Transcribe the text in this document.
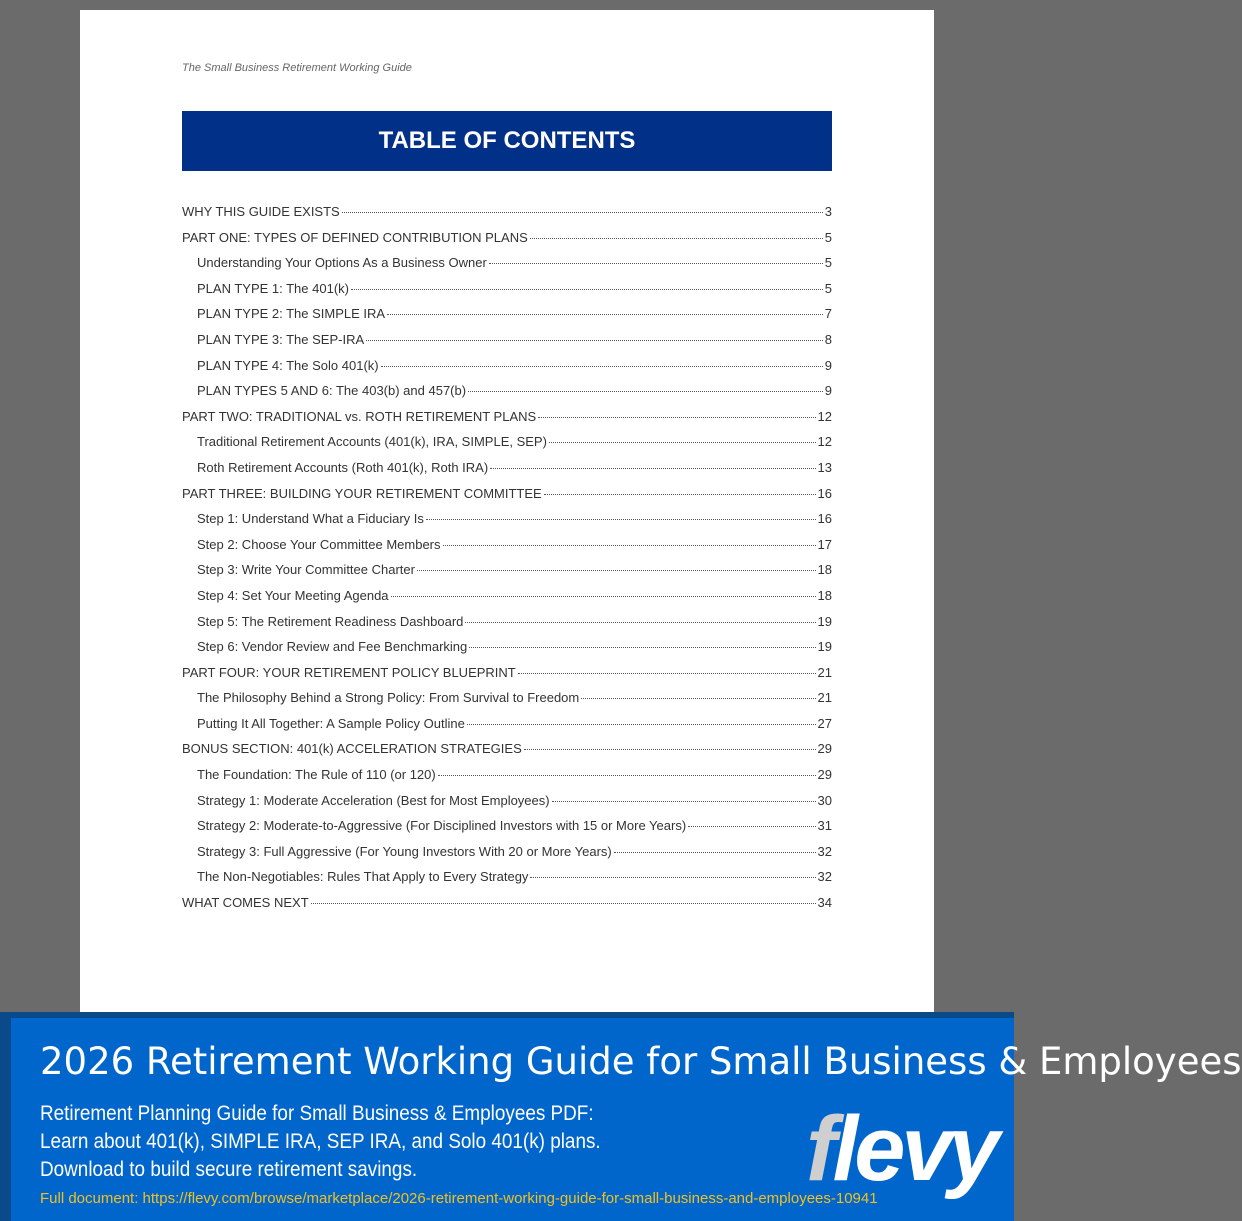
The Small Business Retirement Working Guide
TABLE OF CONTENTS
WHY THIS GUIDE EXISTS	3
PART ONE: TYPES OF DEFINED CONTRIBUTION PLANS	5
Understanding Your Options As a Business Owner	5
PLAN TYPE 1: The 401(k)	5
PLAN TYPE 2: The SIMPLE IRA	7
PLAN TYPE 3: The SEP-IRA	8
PLAN TYPE 4: The Solo 401(k)	9
PLAN TYPES 5 AND 6: The 403(b) and 457(b)	9
PART TWO: TRADITIONAL vs. ROTH RETIREMENT PLANS	12
Traditional Retirement Accounts (401(k), IRA, SIMPLE, SEP)	12
Roth Retirement Accounts (Roth 401(k), Roth IRA)	13
PART THREE: BUILDING YOUR RETIREMENT COMMITTEE	16
Step 1: Understand What a Fiduciary Is	16
Step 2: Choose Your Committee Members	17
Step 3: Write Your Committee Charter	18
Step 4: Set Your Meeting Agenda	18
Step 5: The Retirement Readiness Dashboard	19
Step 6: Vendor Review and Fee Benchmarking	19
PART FOUR: YOUR RETIREMENT POLICY BLUEPRINT	21
The Philosophy Behind a Strong Policy: From Survival to Freedom	21
Putting It All Together: A Sample Policy Outline	27
BONUS SECTION: 401(k) ACCELERATION STRATEGIES	29
The Foundation: The Rule of 110 (or 120)	29
Strategy 1: Moderate Acceleration (Best for Most Employees)	30
Strategy 2: Moderate-to-Aggressive (For Disciplined Investors with 15 or More Years)	31
Strategy 3: Full Aggressive (For Young Investors With 20 or More Years)	32
The Non-Negotiables: Rules That Apply to Every Strategy	32
WHAT COMES NEXT	34
2026 Retirement Working Guide for Small Business & Employees
Retirement Planning Guide for Small Business & Employees PDF: Learn about 401(k), SIMPLE IRA, SEP IRA, and Solo 401(k) plans. Download to build secure retirement savings.
Full document: https://flevy.com/browse/marketplace/2026-retirement-working-guide-for-small-business-and-employees-10941
flevy
